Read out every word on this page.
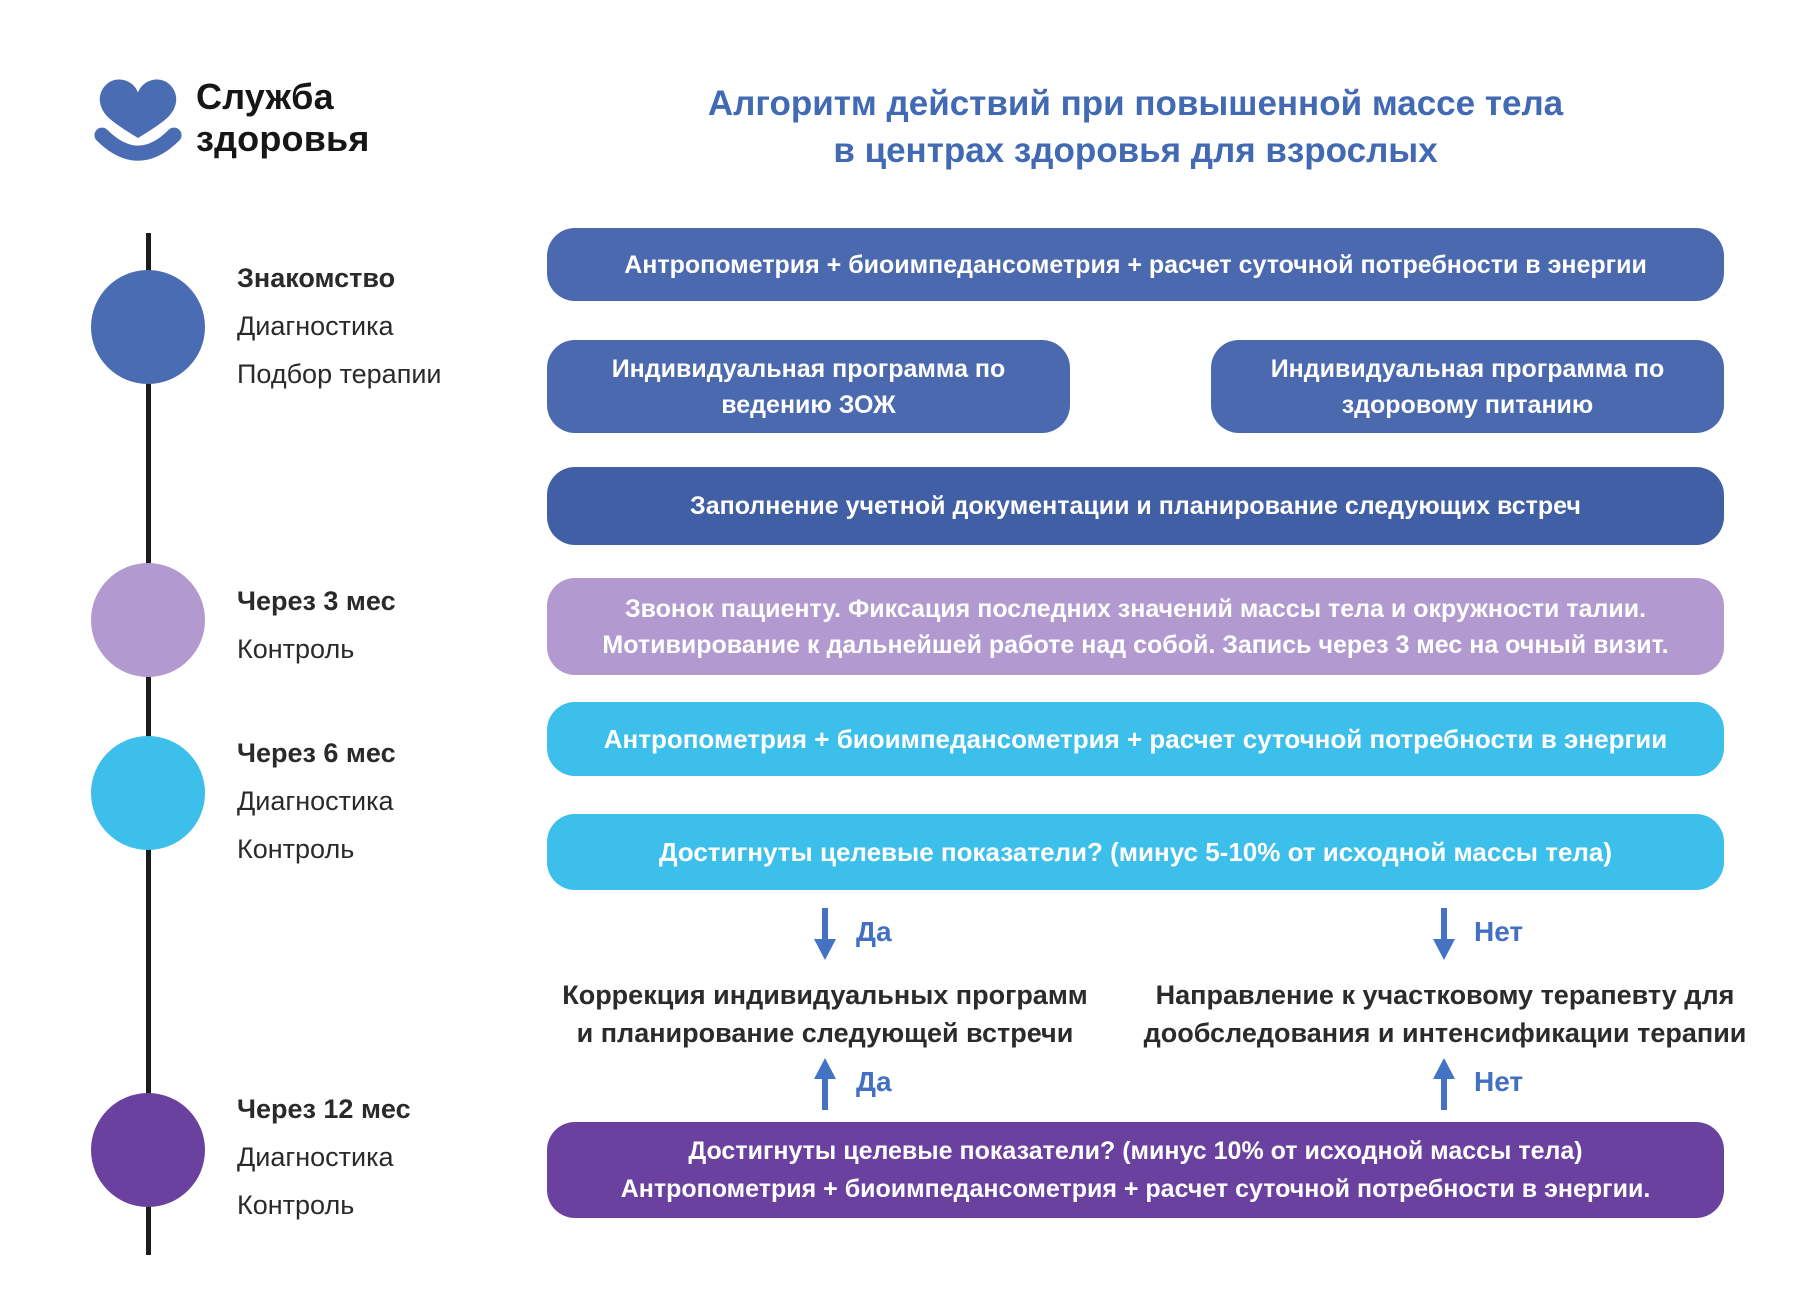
Служба
здоровья
Алгоритм действий при повышенной массе тела
в центрах здоровья для взрослых
Знакомство
Диагностика
Подбор терапии
Через 3 мес
Контроль
Через 6 мес
Диагностика
Контроль
Через 12 мес
Диагностика
Контроль
Антропометрия + биоимпедансометрия + расчет суточной потребности в энергии
Индивидуальная программа по
ведению ЗОЖ
Индивидуальная программа по
здоровому питанию
Заполнение учетной документации и планирование следующих встреч
Звонок пациенту. Фиксация последних значений массы тела и окружности талии.
Мотивирование к дальнейшей работе над собой. Запись через 3 мес на очный визит.
Антропометрия + биоимпедансометрия + расчет суточной потребности в энергии
Достигнуты целевые показатели? (минус 5-10% от исходной массы тела)
Да	Нет
Коррекция индивидуальных программ
и планирование следующей встречи
Направление к участковому терапевту для
дообследования и интенсификации терапии
Да	Нет
Достигнуты целевые показатели? (минус 10% от исходной массы тела)
Антропометрия + биоимпедансометрия + расчет суточной потребности в энергии.
